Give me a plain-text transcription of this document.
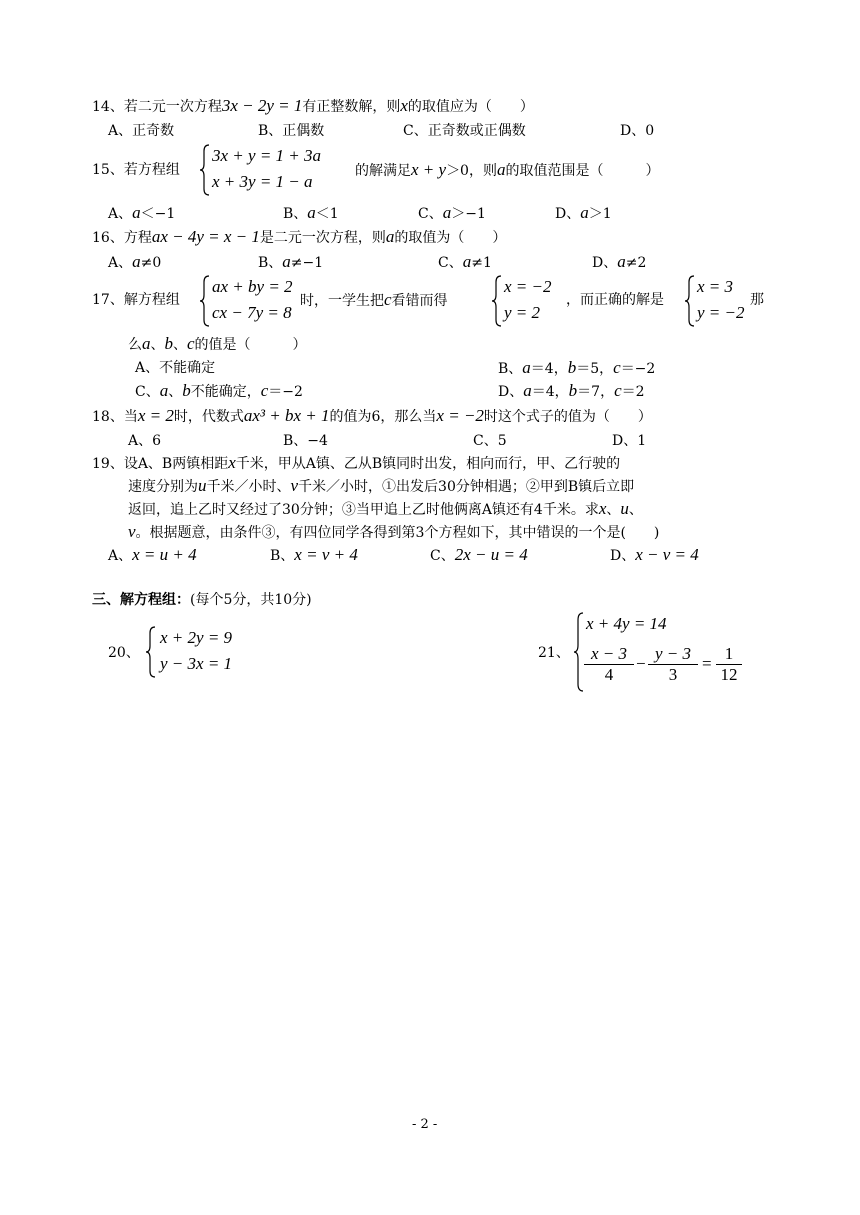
14、若二元一次方程3x − 2y = 1有正整数解，则x的取值应为（　　）
A、正奇数	B、正偶数	C、正奇数或正偶数	D、0
15、若方程组
3x + y = 1 + 3a
x + 3y = 1 − a
的解满足x + y＞0，则a的取值范围是（　　　）
A、a＜−1	B、a＜1	C、a＞−1	D、a＞1
16、方程ax − 4y = x − 1是二元一次方程，则a的取值为（　　）
A、a≠0	B、a≠−1	C、a≠1	D、a≠2
17、解方程组
ax + by = 2
cx − 7y = 8
时，一学生把c看错而得
x = −2
y = 2
，而正确的解是
x = 3
y = −2
那
么a、b、c的值是（　　　）
A、不能确定	B、a＝4，b＝5，c＝−2
C、a、b不能确定，c＝−2	D、a＝4，b＝7，c＝2
18、当x = 2时，代数式ax³ + bx + 1的值为6，那么当x = −2时这个式子的值为（　　）
A、6	B、−4	C、5	D、1
19、设A、B两镇相距x千米，甲从A镇、乙从B镇同时出发，相向而行，甲、乙行驶的
速度分别为u千米／小时、v千米／小时，①出发后30分钟相遇；②甲到B镇后立即
返回，追上乙时又经过了30分钟；③当甲追上乙时他俩离A镇还有4千米。求x、u、
v。根据题意，由条件③，有四位同学各得到第3个方程如下，其中错误的一个是(　　)
A、x = u + 4	B、x = v + 4	C、2x − u = 4	D、x − v = 4
三、解方程组：(每个5分，共10分)
20、
x + 2y = 9
y − 3x = 1
21、
x + 4y = 14
$\frac{x - 3}{4} - \frac{y - 3}{3} = \frac{1}{12}$
- 2 -
